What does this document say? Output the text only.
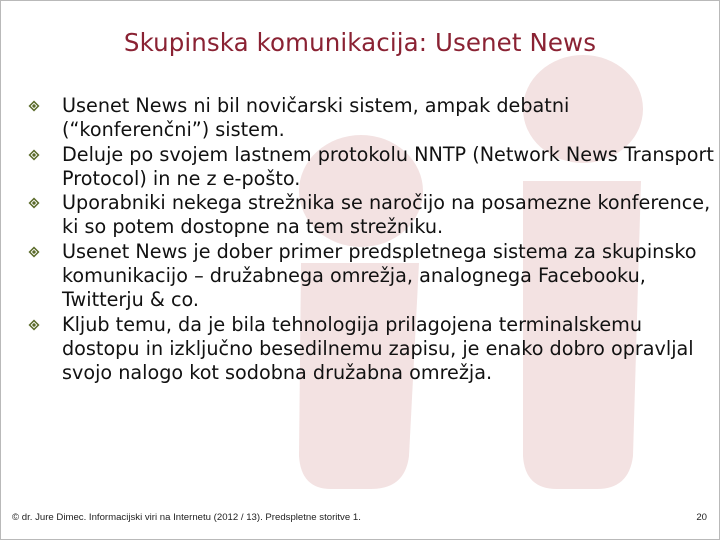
Skupinska komunikacija: Usenet News
Usenet News ni bil novičarski sistem, ampak debatni (“konferenčni”) sistem.
Deluje po svojem lastnem protokolu NNTP (Network News Transport Protocol) in ne z e-pošto.
Uporabniki nekega strežnika se naročijo na posamezne konference, ki so potem dostopne na tem strežniku.
Usenet News je dober primer predspletnega sistema za skupinsko komunikacijo – družabnega omrežja, analognega Facebooku, Twitterju & co.
Kljub temu, da je bila tehnologija prilagojena terminalskemu dostopu in izključno besedilnemu zapisu, je enako dobro opravljal svojo nalogo kot sodobna družabna omrežja.
© dr. Jure Dimec. Informacijski viri na Internetu (2012 / 13). Predspletne storitve 1.	20
